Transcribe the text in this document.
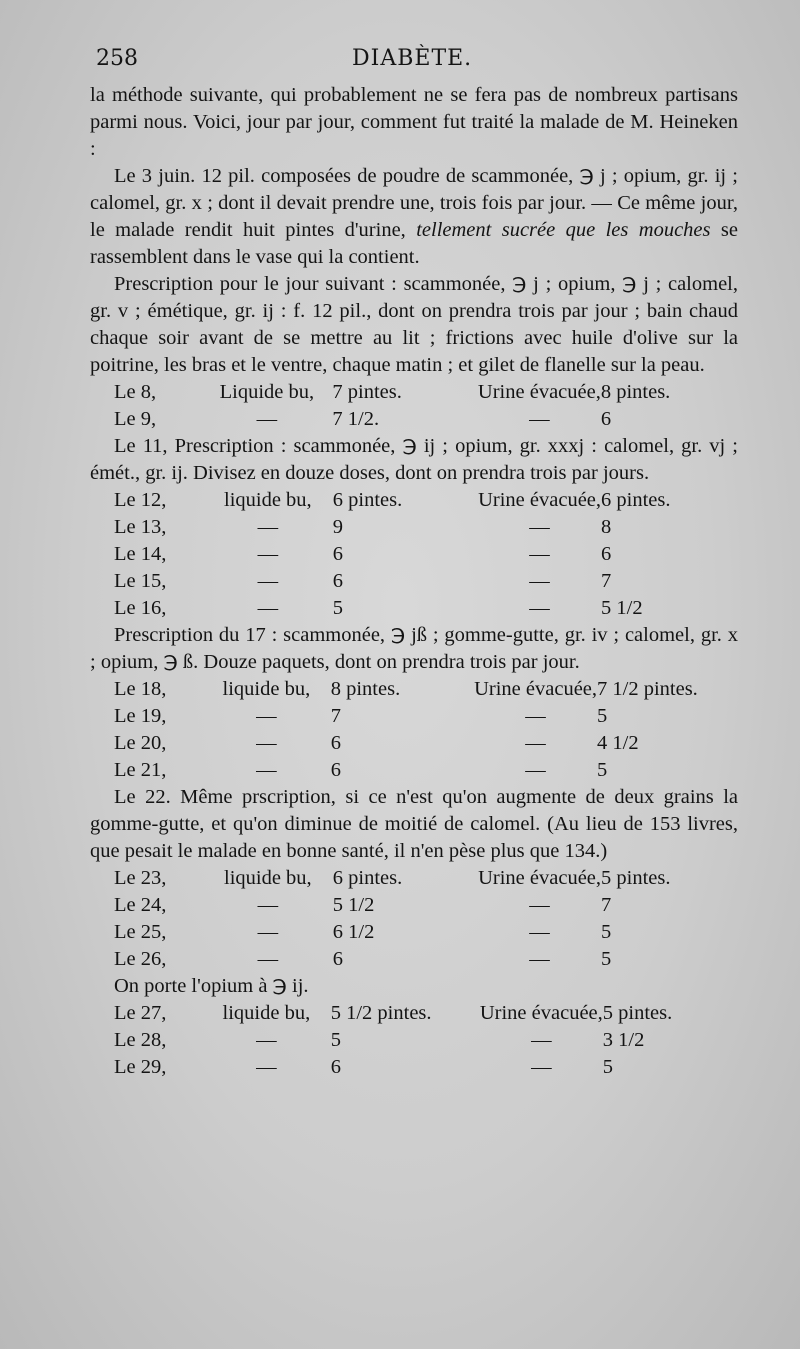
258	DIABÈTE.

la méthode suivante, qui probablement ne se fera pas de nombreux partisans parmi nous. Voici, jour par jour, comment fut traité la malade de M. Heineken :

Le 3 juin. 12 pil. composées de poudre de scammonée, ℈ j ; opium, gr. ij ; calomel, gr. x ; dont il devait prendre une, trois fois par jour. — Ce même jour, le malade rendit huit pintes d'urine, tellement sucrée que les mouches se rassemblent dans le vase qui la contient.

Prescription pour le jour suivant : scammonée, ℈ j ; opium, ℈ j ; calomel, gr. v ; émétique, gr. ij : f. 12 pil., dont on prendra trois par jour ; bain chaud chaque soir avant de se mettre au lit ; frictions avec huile d'olive sur la poitrine, les bras et le ventre, chaque matin ; et gilet de flanelle sur la peau.

Le 8,	Liquide bu,	7 pintes.	Urine évacuée,	8 pintes.
Le 9,	—	7 1/2.	—	6

Le 11, Prescription : scammonée, ℈ ij ; opium, gr. xxxj : calomel, gr. vj ; émét., gr. ij. Divisez en douze doses, dont on prendra trois par jours.

Le 12,	liquide bu,	6 pintes.	Urine évacuée,	6 pintes.
Le 13,	—	9	—	8
Le 14,	—	6	—	6
Le 15,	—	6	—	7
Le 16,	—	5	—	5 1/2

Prescription du 17 : scammonée, ℈ jß ; gomme-gutte, gr. iv ; calomel, gr. x ; opium, ℈ ß. Douze paquets, dont on prendra trois par jour.

Le 18,	liquide bu,	8 pintes.	Urine évacuée,	7 1/2 pintes.
Le 19,	—	7	—	5
Le 20,	—	6	—	4 1/2
Le 21,	—	6	—	5

Le 22. Même prscription, si ce n'est qu'on augmente de deux grains la gomme-gutte, et qu'on diminue de moitié de calomel. (Au lieu de 153 livres, que pesait le malade en bonne santé, il n'en pèse plus que 134.)

Le 23,	liquide bu,	6 pintes.	Urine évacuée,	5 pintes.
Le 24,	—	5 1/2	—	7
Le 25,	—	6 1/2	—	5
Le 26,	—	6	—	5

On porte l'opium à ℈ ij.

Le 27,	liquide bu,	5 1/2 pintes.	Urine évacuée,	5 pintes.
Le 28,	—	5	—	3 1/2
Le 29,	—	6	—	5
